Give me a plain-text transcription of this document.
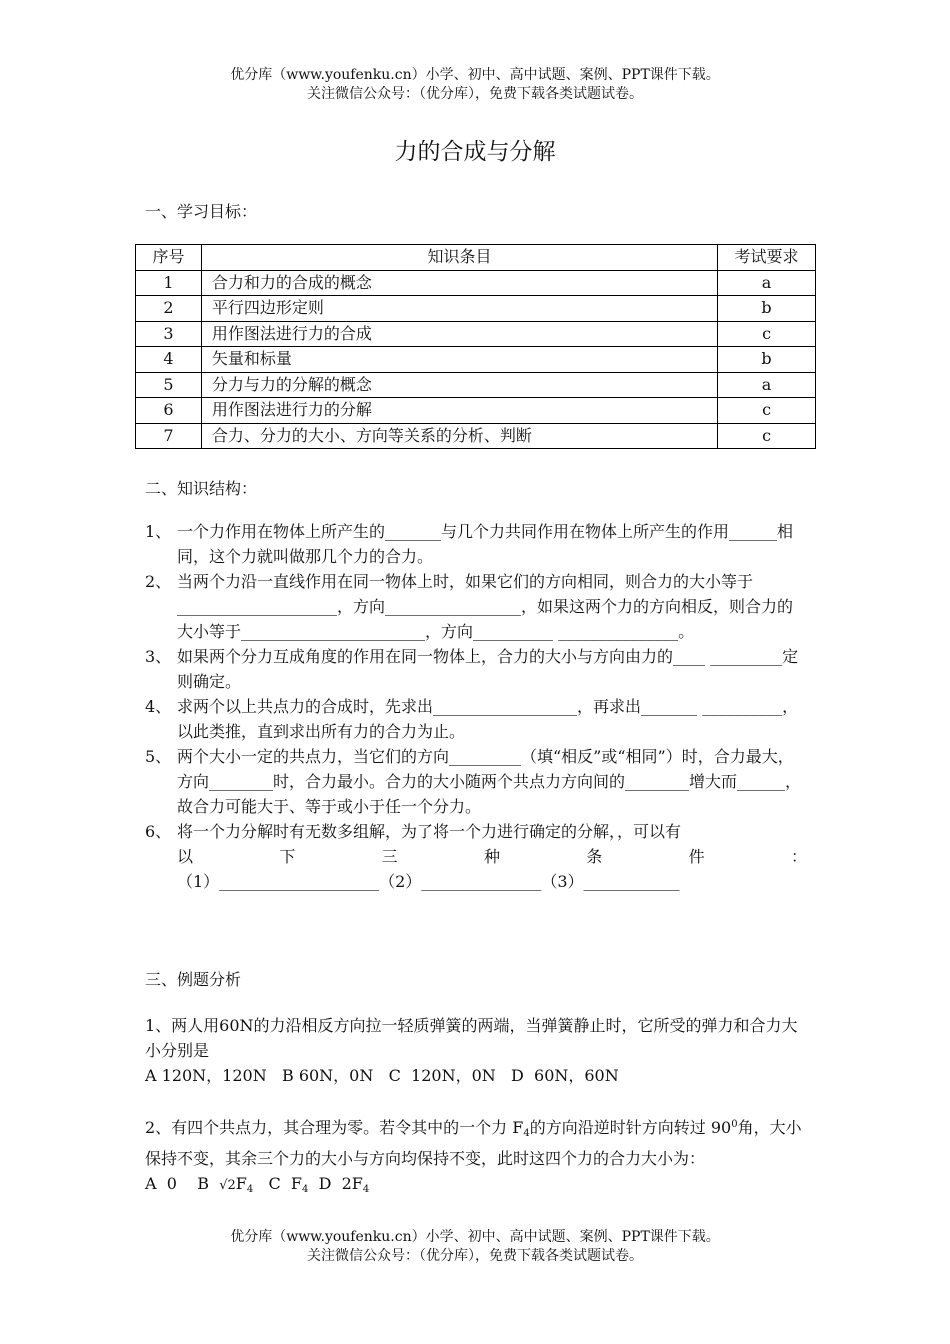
优分库（www.youfenku.cn）小学、初中、高中试题、案例、PPT课件下载。
关注微信公众号：（优分库），免费下载各类试题试卷。
力的合成与分解
一、学习目标：
序号	知识条目	考试要求
1	合力和力的合成的概念	a
2	平行四边形定则	b
3	用作图法进行力的合成	c
4	矢量和标量	b
5	分力与力的分解的概念	a
6	用作图法进行力的分解	c
7	合力、分力的大小、方向等关系的分析、判断	c
二、知识结构：
1、 一个力作用在物体上所产生的_______与几个力共同作用在物体上所产生的作用______相同，这个力就叫做那几个力的合力。
2、 当两个力沿一直线作用在同一物体上时，如果它们的方向相同，则合力的大小等于____________________，方向_________________，如果这两个力的方向相反，则合力的大小等于_______________________，方向__________ _______________。
3、 如果两个分力互成角度的作用在同一物体上，合力的大小与方向由力的____ _________定则确定。
4、 求两个以上共点力的合成时，先求出__________________，再求出_______ __________，以此类推，直到求出所有力的合力为止。
5、 两个大小一定的共点力，当它们的方向_________（填“相反”或“相同”）时，合力最大，方向________时，合力最小。合力的大小随两个共点力方向间的________增大而______，故合力可能大于、等于或小于任一个分力。
6、 将一个力分解时有无数多组解，为了将一个力进行确定的分解，，可以有
以	下	三	种	条	件	：
（1）____________________（2）_______________（3）____________
三、例题分析
1、两人用60N的力沿相反方向拉一轻质弹簧的两端，当弹簧静止时，它所受的弹力和合力大小分别是
A 120N，120N   B 60N，0N   C  120N，0N   D  60N，60N
2、有四个共点力，其合理为零。若令其中的一个力 $F_4$的方向沿逆时针方向转过 $90^0$角，大小保持不变，其余三个力的大小与方向均保持不变，此时这四个力的合力大小为：
A  0    B  $√2F_4$   C  $F_4$  D  $2F_4$
优分库（www.youfenku.cn）小学、初中、高中试题、案例、PPT课件下载。
关注微信公众号：（优分库），免费下载各类试题试卷。
